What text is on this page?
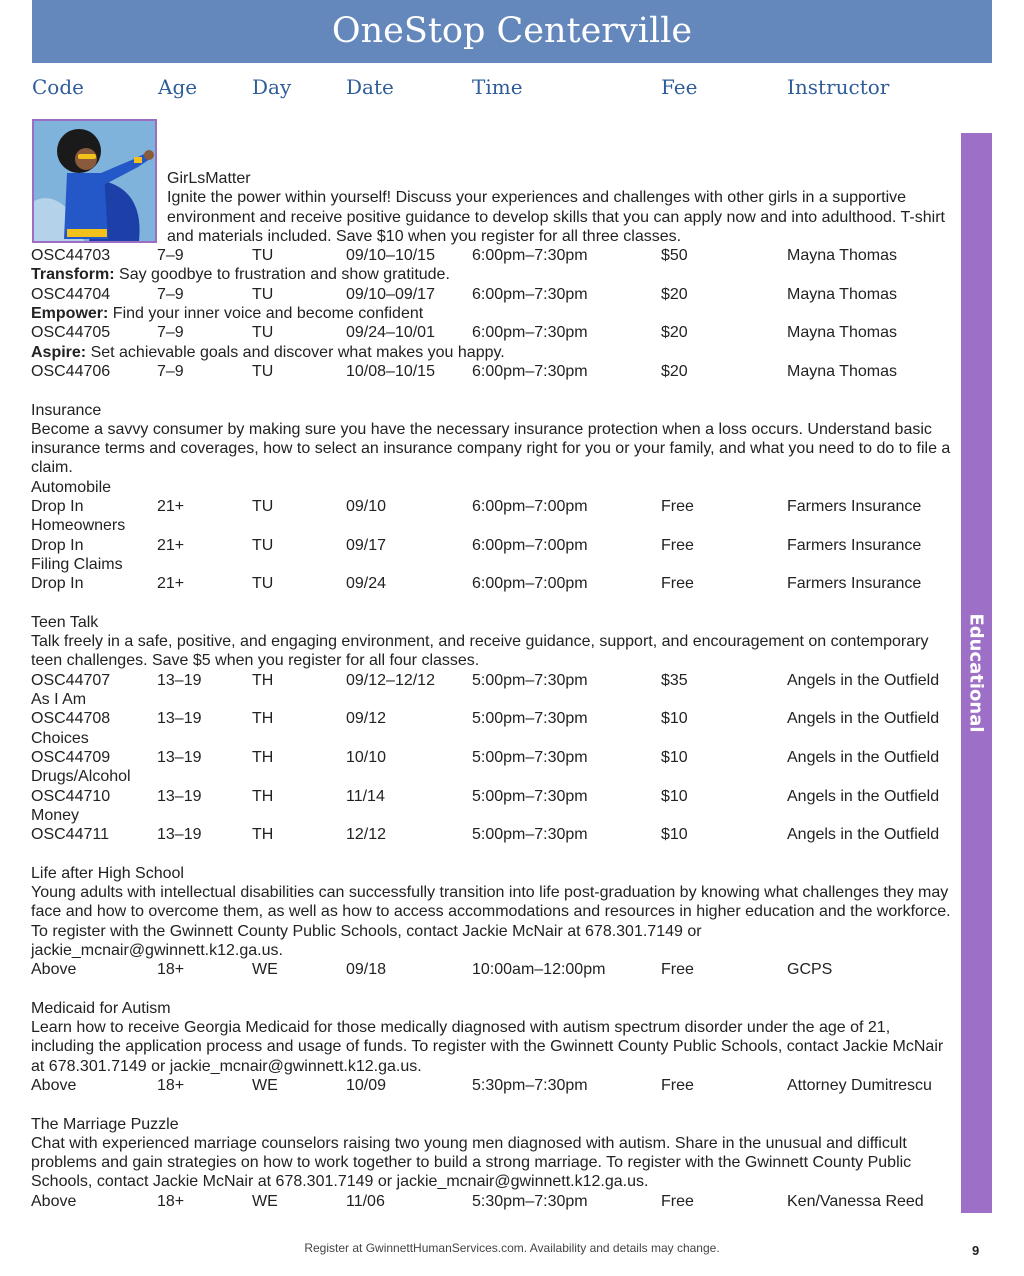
OneStop Centerville
Code	Age	Day	Date	Time	Fee	Instructor
GirLsMatter

Ignite the power within yourself! Discuss your experiences and challenges with other girls in a supportive environment and receive positive guidance to develop skills that you can apply now and into adulthood. T-shirt and materials included. Save $10 when you register for all three classes.

OSC44703	7–9	TU	09/10–10/15 6:00pm–7:30pm	$50	Mayna Thomas
Transform: Say goodbye to frustration and show gratitude.
OSC44704	7–9	TU	09/10–09/17 6:00pm–7:30pm	$20	Mayna Thomas
Empower: Find your inner voice and become confident
OSC44705	7–9	TU	09/24–10/01 6:00pm–7:30pm	$20	Mayna Thomas
Aspire: Set achievable goals and discover what makes you happy.
OSC44706	7–9	TU	10/08–10/15 6:00pm–7:30pm	$20	Mayna Thomas
Insurance

Become a savvy consumer by making sure you have the necessary insurance protection when a loss occurs. Understand basic insurance terms and coverages, how to select an insurance company right for you or your family, and what you need to do to file a claim.

Automobile
Drop In	21+	TU	09/10	6:00pm–7:00pm	Free	Farmers Insurance
Homeowners
Drop In	21+	TU	09/17	6:00pm–7:00pm	Free	Farmers Insurance
Filing Claims
Drop In	21+	TU	09/24	6:00pm–7:00pm	Free	Farmers Insurance
Teen Talk

Talk freely in a safe, positive, and engaging environment, and receive guidance, support, and encouragement on contemporary teen challenges. Save $5 when you register for all four classes.

OSC44707	13–19	TH	09/12–12/12 5:00pm–7:30pm	$35	Angels in the Outfield
As I Am
OSC44708	13–19	TH	09/12	5:00pm–7:30pm	$10	Angels in the Outfield
Choices
OSC44709	13–19	TH	10/10	5:00pm–7:30pm	$10	Angels in the Outfield
Drugs/Alcohol
OSC44710	13–19	TH	11/14	5:00pm–7:30pm	$10	Angels in the Outfield
Money
OSC44711	13–19	TH	12/12	5:00pm–7:30pm	$10	Angels in the Outfield
Life after High School

Young adults with intellectual disabilities can successfully transition into life post-graduation by knowing what challenges they may face and how to overcome them, as well as how to access accommodations and resources in higher education and the workforce. To register with the Gwinnett County Public Schools, contact Jackie McNair at 678.301.7149 or jackie_mcnair@gwinnett.k12.ga.us.

Above	18+	WE	09/18	10:00am–12:00pm	Free	GCPS
Medicaid for Autism

Learn how to receive Georgia Medicaid for those medically diagnosed with autism spectrum disorder under the age of 21, including the application process and usage of funds. To register with the Gwinnett County Public Schools, contact Jackie McNair at 678.301.7149 or jackie_mcnair@gwinnett.k12.ga.us.

Above	18+	WE	10/09	5:30pm–7:30pm	Free	Attorney Dumitrescu
The Marriage Puzzle

Chat with experienced marriage counselors raising two young men diagnosed with autism. Share in the unusual and difficult problems and gain strategies on how to work together to build a strong marriage. To register with the Gwinnett County Public Schools, contact Jackie McNair at 678.301.7149 or jackie_mcnair@gwinnett.k12.ga.us.

Above	18+	WE	11/06	5:30pm–7:30pm	Free	Ken/Vanessa Reed
Educational
Register at GwinnettHumanServices.com. Availability and details may change.	9
